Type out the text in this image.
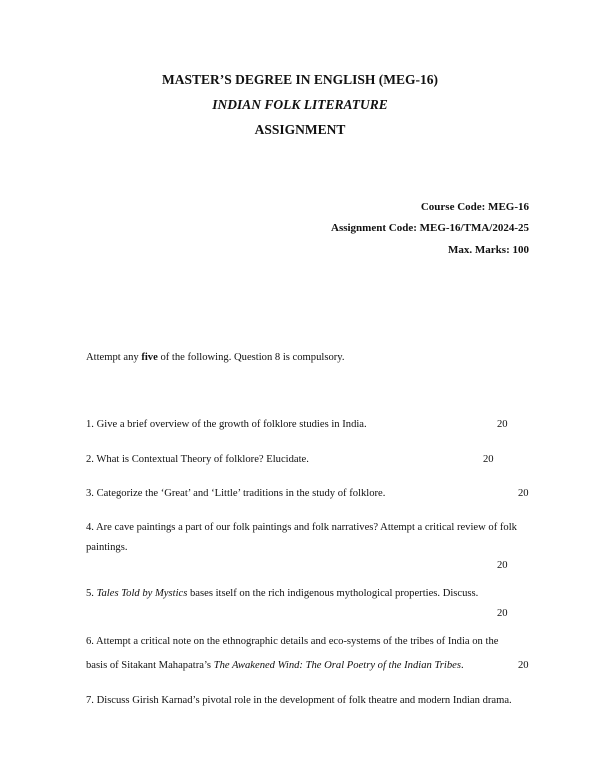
MASTER’S DEGREE IN ENGLISH (MEG-16)
INDIAN FOLK LITERATURE
ASSIGNMENT
Course Code: MEG-16
Assignment Code: MEG-16/TMA/2024-25
Max. Marks: 100
Attempt any five of the following. Question 8 is compulsory.
1. Give a brief overview of the growth of folklore studies in India.	20
2. What is Contextual Theory of folklore? Elucidate.	20
3. Categorize the ‘Great’ and ‘Little’ traditions in the study of folklore.	20
4. Are cave paintings a part of our folk paintings and folk narratives? Attempt a critical review of folk
paintings.
20
5. Tales Told by Mystics bases itself on the rich indigenous mythological properties. Discuss.
20
6. Attempt a critical note on the ethnographic details and eco-systems of the tribes of India on the
basis of Sitakant Mahapatra’s The Awakened Wind: The Oral Poetry of the Indian Tribes.	20
7. Discuss Girish Karnad’s pivotal role in the development of folk theatre and modern Indian drama.
